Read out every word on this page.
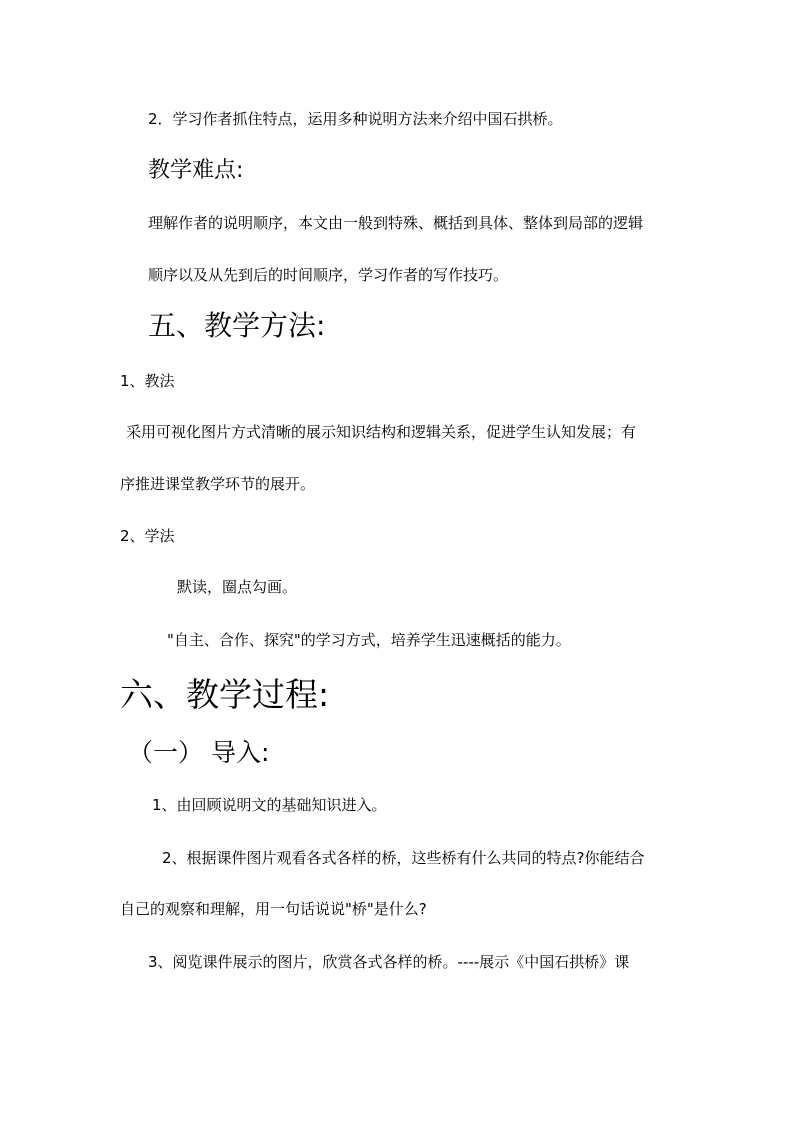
2．学习作者抓住特点，运用多种说明方法来介绍中国石拱桥。
教学难点:
理解作者的说明顺序，本文由一般到特殊、概括到具体、整体到局部的逻辑
顺序以及从先到后的时间顺序，学习作者的写作技巧。
五、教学方法:
1、教法
采用可视化图片方式清晰的展示知识结构和逻辑关系，促进学生认知发展；有
序推进课堂教学环节的展开。
2、学法
默读，圈点勾画。
"自主、合作、探究"的学习方式，培养学生迅速概括的能力。
六、教学过程:
（一） 导入:
1、由回顾说明文的基础知识进入。
2、根据课件图片观看各式各样的桥，这些桥有什么共同的特点?你能结合
自己的观察和理解，用一句话说说"桥"是什么?
3、阅览课件展示的图片，欣赏各式各样的桥。----展示《中国石拱桥》课
